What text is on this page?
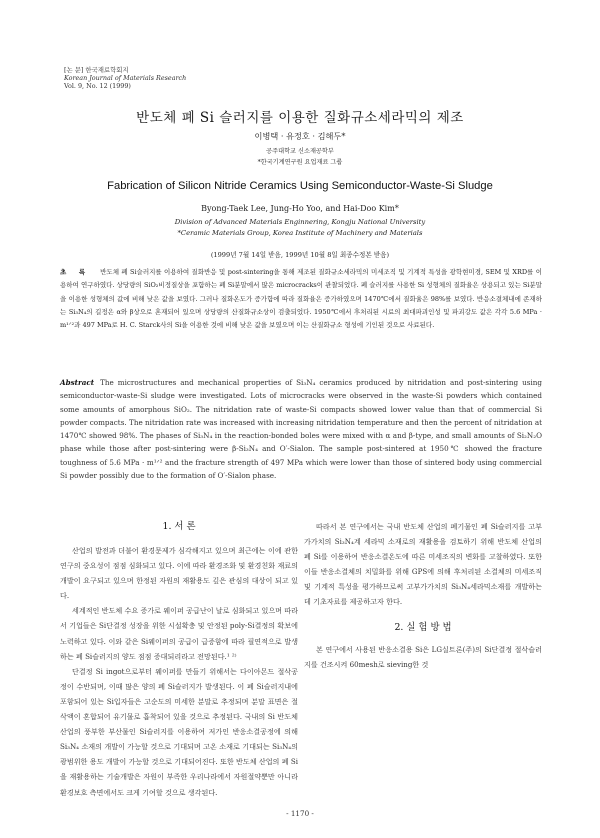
[논 문] 한국재료학회지
Korean Journal of Materials Research
Vol. 9, No. 12 (1999)
반도체 폐 Si 슬러지를 이용한 질화규소세라믹의 제조
이병택 · 유정호 · 김해두*
공주대학교 신소재공학부
*한국기계연구원 요업재료 그룹
Fabrication of Silicon Nitride Ceramics Using Semiconductor-Waste-Si Sludge
Byong-Taek Lee, Jung-Ho Yoo, and Hai-Doo Kim*
Division of Advanced Materials Enginnering, Kongju National University
*Ceramic Materials Group, Korea Institute of Machinery and Materials
(1999년 7월 14일 받음, 1999년 10월 8일 최종수정본 받음)
초 록 반도체 폐 Si슬러지를 이용하여 질화반응 및 post-sintering을 통해 제조된 질화규소세라믹의 미세조직 및 기계적 특성을 광학현미경, SEM 및 XRD를 이용하여 연구하였다. 상당량의 SiO₂비정질상을 포함하는 폐 Si분말에서 많은 microcracks이 관찰되었다. 폐 슬러지를 사용한 Si 성형체의 질화율은 상용되고 있는 Si분말을 이용한 성형체의 값에 비해 낮은 값을 보였다. 그러나 질화온도가 증가함에 따라 질화율은 증가하였으며 1470℃에서 질화율은 98%를 보였다. 반응소결체내에 존재하는 Si₃N₄의 길정은 α와 β상으로 혼재되어 있으며 상당량의 산질화규소상이 검출되었다. 1950℃에서 후처리된 시료의 최대파괴인성 및 파괴강도 값은 각각 5.6 MPa · m¹ᐟ²과 497 MPa로 H. C. Starck사의 Si을 이용한 것에 비해 낮은 값을 보였으며 이는 산질화규소 형성에 기인된 것으로 사료된다.
Abstract The microstructures and mechanical properties of Si₃N₄ ceramics produced by nitridation and post-sintering using semiconductor-waste-Si sludge were investigated. Lots of microcracks were observed in the waste-Si powders which contained some amounts of amorphous SiO₂. The nitridation rate of waste-Si compacts showed lower value than that of commercial Si powder compacts. The nitridation rate was increased with increasing nitridation temperature and then the percent of nitridation at 1470℃ showed 98%. The phases of Si₃N₄ in the reaction-bonded boles were mixed with α and β-type, and small amounts of Si₂N₂O phase while those after post-sintering were β-Si₃N₄ and O′-Sialon. The sample post-sintered at 1950℃ showed the fracture toughness of 5.6 MPa · m¹ᐟ² and the fracture strength of 497 MPa which were lower than those of sintered body using commercial Si powder possibly due to the formation of O′-Sialon phase.
1. 서 론

산업의 발전과 더불어 환경문제가 심각해지고 있으며 최근에는 이에 관한 연구의 중요성이 점점 심화되고 있다. 이에 따라 환경조화 및 환경친화 재료의 개발이 요구되고 있으며 한정된 자원의 재활용도 깊은 관심의 대상이 되고 있다.

세계적인 반도체 수요 증가로 웨이퍼 공급난이 날로 심화되고 있으며 따라서 기업들은 Si단결정 성장을 위한 시설확충 및 안정된 poly-Si결정의 확보에 노력하고 있다. 이와 같은 Si웨이퍼의 공급이 급증함에 따라 필연적으로 발생하는 폐 Si슬러지의 양도 점점 증대되리라고 전망된다.¹ ²⁾

단결정 Si ingot으로부터 웨이퍼를 만들기 위해서는 다이아몬드 절삭공정이 수반되며, 이때 많은 양의 폐 Si슬러지가 발생된다. 이 폐 Si슬러지내에 포함되어 있는 Si입자들은 고순도의 미세한 분말로 추정되며 분말 표면은 절삭액이 혼합되어 유기물로 흡착되어 있을 것으로 추정된다. 국내의 Si 반도체 산업의 풍부한 부산물인 Si슬러지를 이용하여 저가인 반응소결공정에 의해 Si₃N₄ 소재의 개발이 가능할 것으로 기대되며 고온 소재로 기대되는 Si₃N₄의 광범위한 용도 개발이 가능할 것으로 기대되어진다. 또한 반도체 산업의 폐 Si을 재활용하는 기술개발은 자원이 부족한 우리나라에서 자원절약뿐만 아니라 환경보호 측면에서도 크게 기여할 것으로 생각된다.

따라서 본 연구에서는 국내 반도체 산업의 폐기물인 폐 Si슬러지를 고부가가치의 Si₃N₄계 세라믹 소재로의 재활용을 검토하기 위해 반도체 산업의 폐 Si를 이용하여 반응소결온도에 따른 미세조직의 변화를 고찰하였다. 또한 이들 반응소결체의 치밀화를 위해 GPS에 의해 후처리된 소결체의 미세조직 및 기계적 특성을 평가하므로써 고부가가치의 Si₃N₄세라믹소재를 개발하는데 기초자료를 제공하고자 한다.

2. 실 험 방 법

본 연구에서 사용된 반응소결용 Si은 LG실트론(주)의 Si단결정 절삭슬러지를 건조시켜 60mesh로 sieving한 것

- 1170 -
